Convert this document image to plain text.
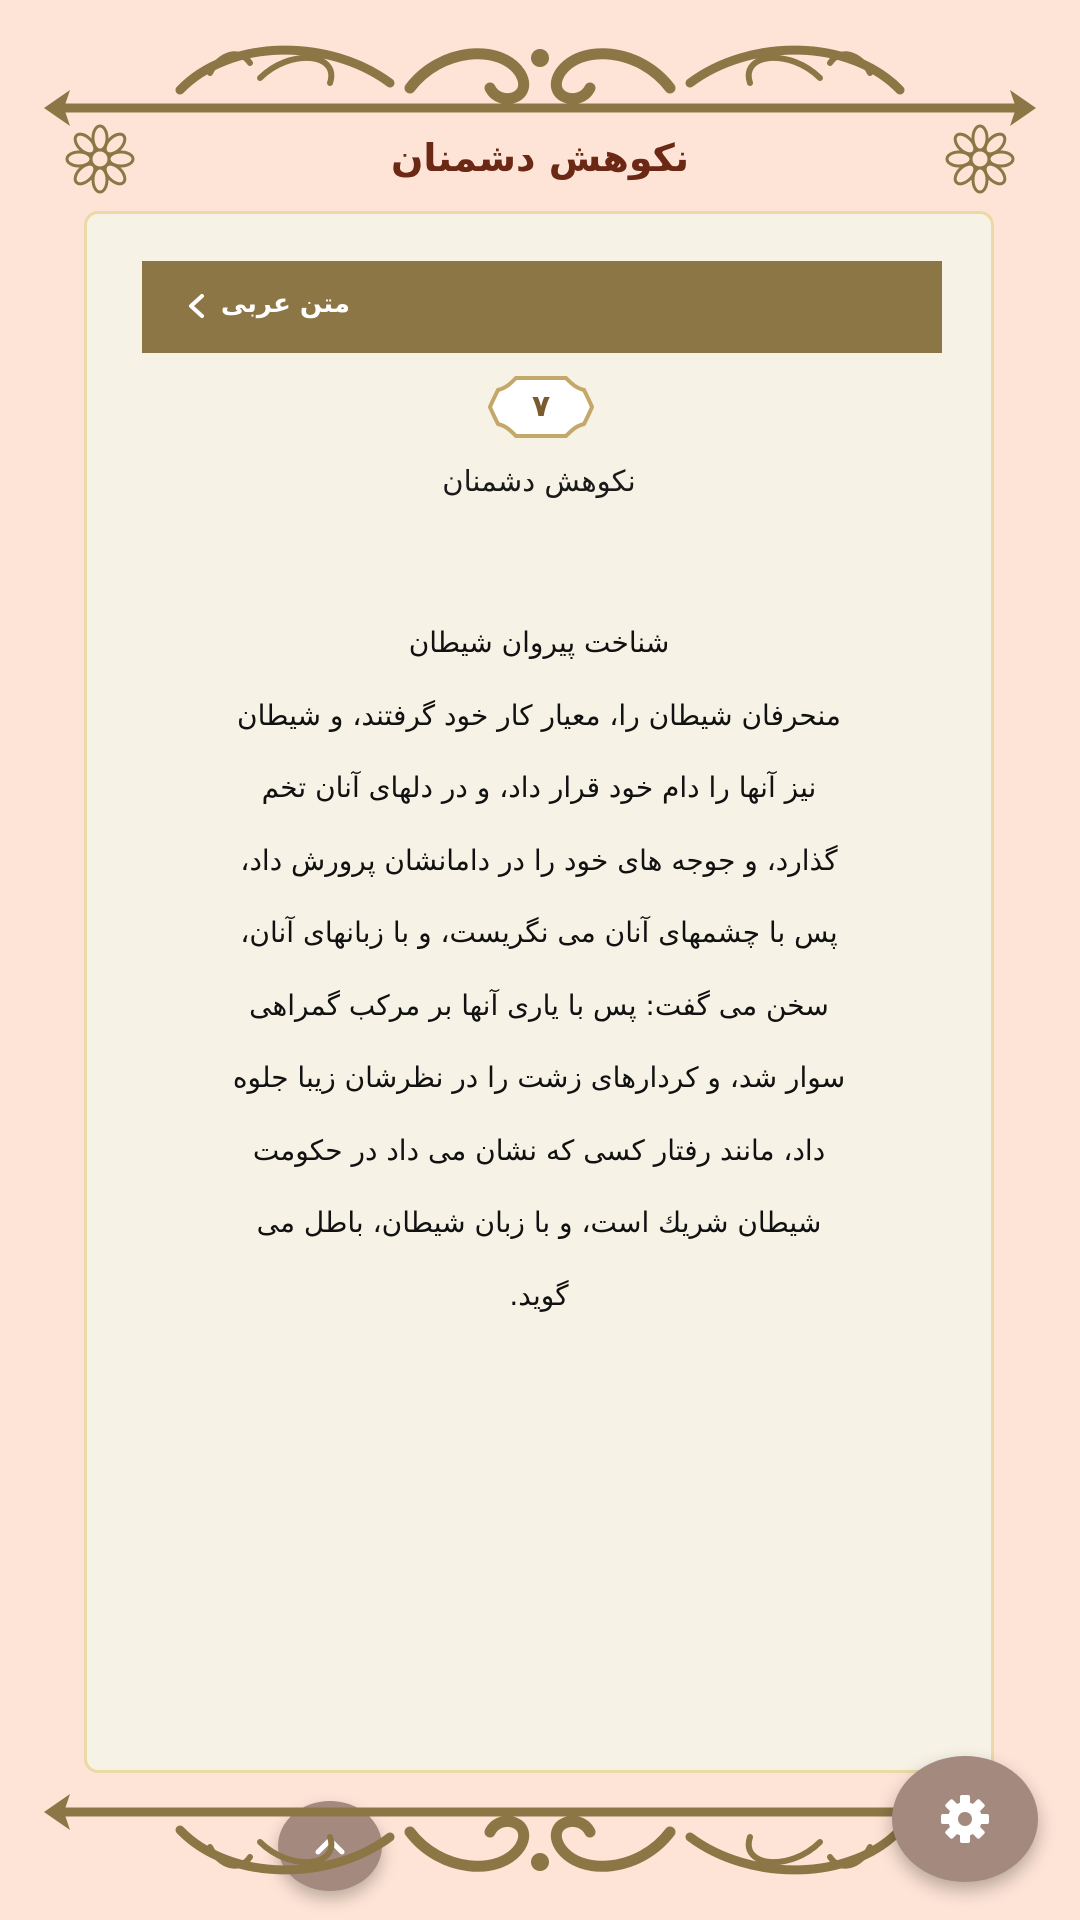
نکوهش دشمنان
متن عربی
۷
نکوهش دشمنان
شناخت پیروان شیطان
منحرفان شیطان را، معیار کار خود گرفتند، و شیطان
نیز آنها را دام خود قرار داد، و در دلهای آنان تخم
گذارد، و جوجه های خود را در دامانشان پرورش داد،
پس با چشمهای آنان می نگریست، و با زبانهای آنان،
سخن می گفت: پس با یاری آنها بر مرکب گمراهی
سوار شد، و کردارهای زشت را در نظرشان زیبا جلوه
داد، مانند رفتار کسی که نشان می داد در حکومت
شیطان شريك است، و با زبان شیطان، باطل می
گوید.
